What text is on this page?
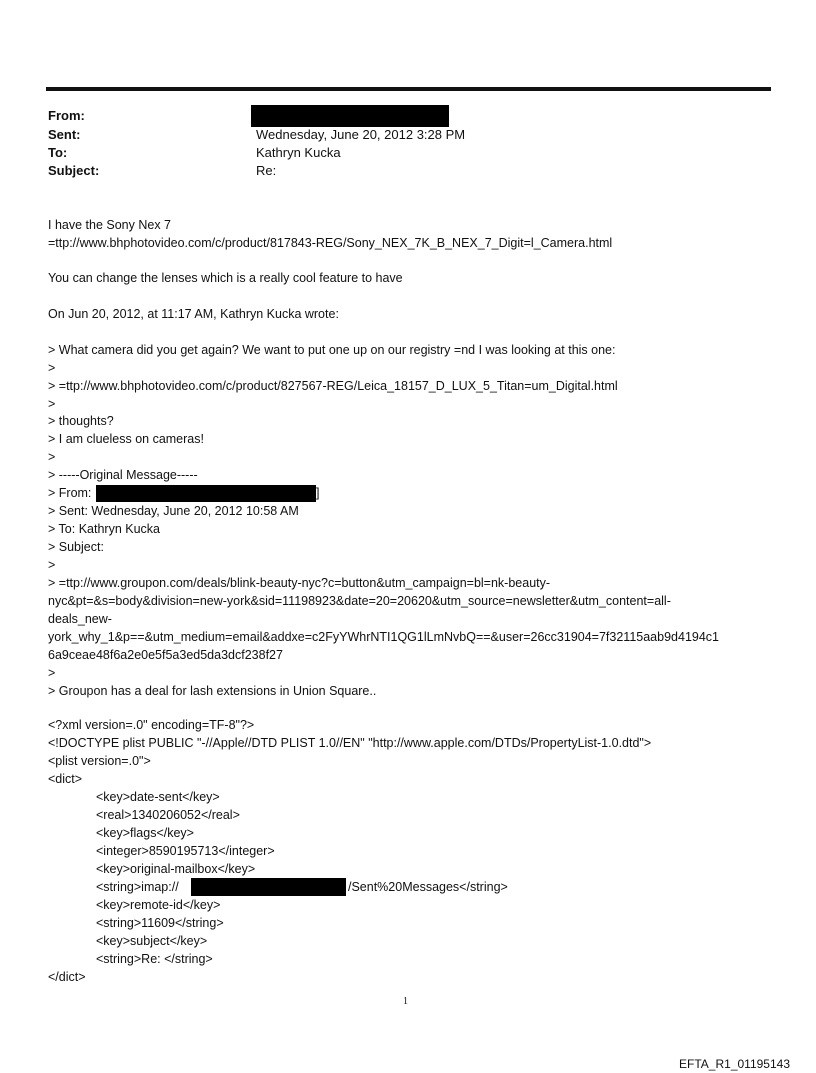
From:
Sent:	Wednesday, June 20, 2012 3:28 PM
To:	Kathryn Kucka
Subject:	Re:
I have the Sony Nex 7
=ttp://www.bhphotovideo.com/c/product/817843-REG/Sony_NEX_7K_B_NEX_7_Digit=l_Camera.html
You can change the lenses which is a really cool feature to have
On Jun 20, 2012, at 11:17 AM, Kathryn Kucka wrote:
> What camera did you get again? We want to put one up on our registry =nd I was looking at this one:
>
> =ttp://www.bhphotovideo.com/c/product/827567-REG/Leica_18157_D_LUX_5_Titan=um_Digital.html
>
> thoughts?
> I am clueless on cameras!
>
> -----Original Message-----
> From:	]
> Sent: Wednesday, June 20, 2012 10:58 AM
> To: Kathryn Kucka
> Subject:
>
> =ttp://www.groupon.com/deals/blink-beauty-nyc?c=button&utm_campaign=bl=nk-beauty-
nyc&pt=&s=body&division=new-york&sid=11198923&date=20=20620&utm_source=newsletter&utm_content=all-
deals_new-
york_why_1&p==&utm_medium=email&addxe=c2FyYWhrNTI1QG1lLmNvbQ==&user=26cc31904=7f32115aab9d4194c1
6a9ceae48f6a2e0e5f5a3ed5da3dcf238f27
>
> Groupon has a deal for lash extensions in Union Square..
<?xml version=.0" encoding=TF-8"?>
<!DOCTYPE plist PUBLIC "-//Apple//DTD PLIST 1.0//EN" "http://www.apple.com/DTDs/PropertyList-1.0.dtd">
<plist version=.0">
<dict>
<key>date-sent</key>
<real>1340206052</real>
<key>flags</key>
<integer>8590195713</integer>
<key>original-mailbox</key>
<string>imap://	/Sent%20Messages</string>
<key>remote-id</key>
<string>11609</string>
<key>subject</key>
<string>Re: </string>
</dict>
1
EFTA_R1_01195143
